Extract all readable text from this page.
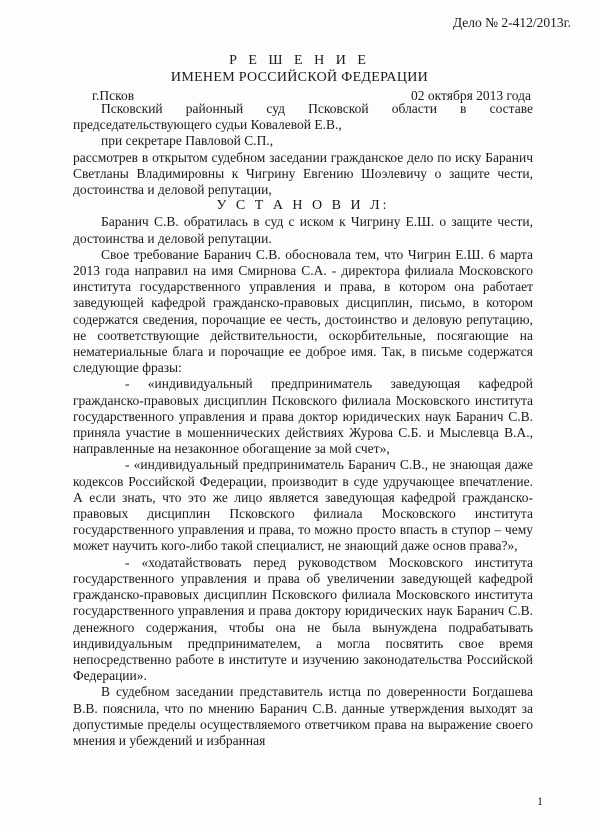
Дело № 2-412/2013г.
Р Е Ш Е Н И Е
ИМЕНЕМ РОССИЙСКОЙ ФЕДЕРАЦИИ
г.Псков	02 октября 2013 года

Псковский районный суд Псковской области в составе председательствующего судьи Ковалевой Е.В.,

при секретаре Павловой С.П.,

рассмотрев в открытом судебном заседании гражданское дело по иску Баранич Светланы Владимировны к Чигрину Евгению Шоэлевичу о защите чести, достоинства и деловой репутации,

У С Т А Н О В И Л:

Баранич С.В. обратилась в суд с иском к Чигрину Е.Ш. о защите чести, достоинства и деловой репутации.

Свое требование Баранич С.В. обосновала тем, что Чигрин Е.Ш. 6 марта 2013 года направил на имя Смирнова С.А. - директора филиала Московского института государственного управления и права, в котором она работает заведующей кафедрой гражданско-правовых дисциплин, письмо, в котором содержатся сведения, порочащие ее честь, достоинство и деловую репутацию, не соответствующие действительности, оскорбительные, посягающие на нематериальные блага и порочащие ее доброе имя. Так, в письме содержатся следующие фразы:

- «индивидуальный предприниматель заведующая кафедрой гражданско-правовых дисциплин Псковского филиала Московского института государственного управления и права доктор юридических наук Баранич С.В. приняла участие в мошеннических действиях Журова С.Б. и Мыслевца В.А., направленные на незаконное обогащение за мой счет»,

- «индивидуальный предприниматель Баранич С.В., не знающая даже кодексов Российской Федерации, производит в суде удручающее впечатление. А если знать, что это же лицо является заведующая кафедрой гражданско-правовых дисциплин Псковского филиала Московского института государственного управления и права, то можно просто впасть в ступор – чему может научить кого-либо такой специалист, не знающий даже основ права?»,

- «ходатайствовать перед руководством Московского института государственного управления и права об увеличении заведующей кафедрой гражданско-правовых дисциплин Псковского филиала Московского института государственного управления и права доктору юридических наук Баранич С.В. денежного содержания, чтобы она не была вынуждена подрабатывать индивидуальным предпринимателем, а могла посвятить свое время непосредственно работе в институте и изучению законодательства Российской Федерации».

В судебном заседании представитель истца по доверенности Богдашева В.В. пояснила, что по мнению Баранич С.В. данные утверждения выходят за допустимые пределы осуществляемого ответчиком права на выражение своего мнения и убеждений и избранная

1
